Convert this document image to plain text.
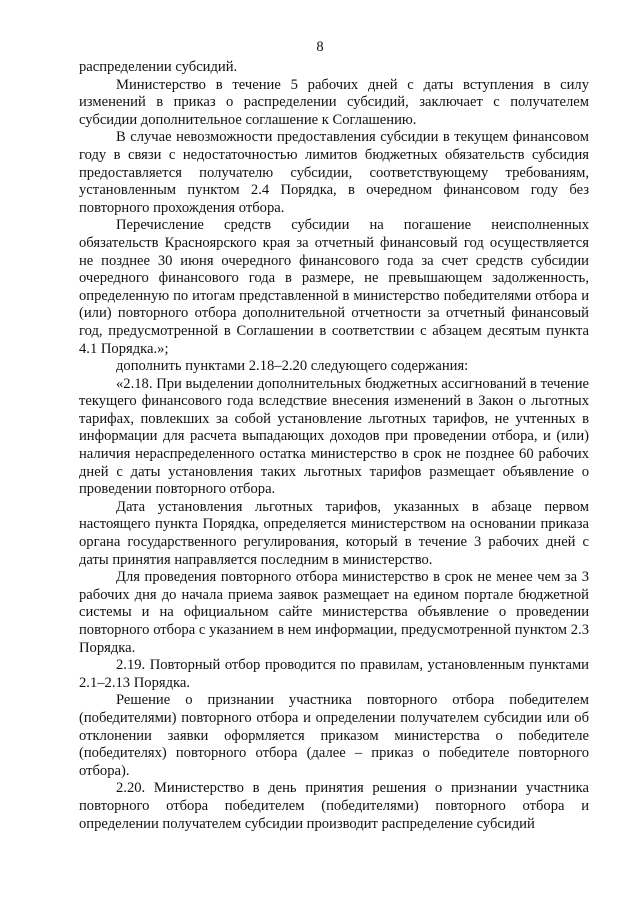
8

распределении субсидий.

Министерство в течение 5 рабочих дней с даты вступления в силу изменений в приказ о распределении субсидий, заключает с получателем субсидии дополнительное соглашение к Соглашению.

В случае невозможности предоставления субсидии в текущем финансовом году в связи с недостаточностью лимитов бюджетных обязательств субсидия предоставляется получателю субсидии, соответствующему требованиям, установленным пунктом 2.4 Порядка, в очередном финансовом году без повторного прохождения отбора.

Перечисление средств субсидии на погашение неисполненных обязательств Красноярского края за отчетный финансовый год осуществляется не позднее 30 июня очередного финансового года за счет средств субсидии очередного финансового года в размере, не превышающем задолженность, определенную по итогам представленной в министерство победителями отбора и (или) повторного отбора дополнительной отчетности за отчетный финансовый год, предусмотренной в Соглашении в соответствии с абзацем десятым пункта 4.1 Порядка.»;

дополнить пунктами 2.18–2.20 следующего содержания:

«2.18. При выделении дополнительных бюджетных ассигнований в течение текущего финансового года вследствие внесения изменений в Закон о льготных тарифах, повлекших за собой установление льготных тарифов, не учтенных в информации для расчета выпадающих доходов при проведении отбора, и (или) наличия нераспределенного остатка министерство в срок не позднее 60 рабочих дней с даты установления таких льготных тарифов размещает объявление о проведении повторного отбора.

Дата установления льготных тарифов, указанных в абзаце первом настоящего пункта Порядка, определяется министерством на основании приказа органа государственного регулирования, который в течение 3 рабочих дней с даты принятия направляется последним в министерство.

Для проведения повторного отбора министерство в срок не менее чем за 3 рабочих дня до начала приема заявок размещает на едином портале бюджетной системы и на официальном сайте министерства объявление о проведении повторного отбора с указанием в нем информации, предусмотренной пунктом 2.3 Порядка.

2.19. Повторный отбор проводится по правилам, установленным пунктами 2.1–2.13 Порядка.

Решение о признании участника повторного отбора победителем (победителями) повторного отбора и определении получателем субсидии или об отклонении заявки оформляется приказом министерства о победителе (победителях) повторного отбора (далее – приказ о победителе повторного отбора).

2.20. Министерство в день принятия решения о признании участника повторного отбора победителем (победителями) повторного отбора и определении получателем субсидии производит распределение субсидий
